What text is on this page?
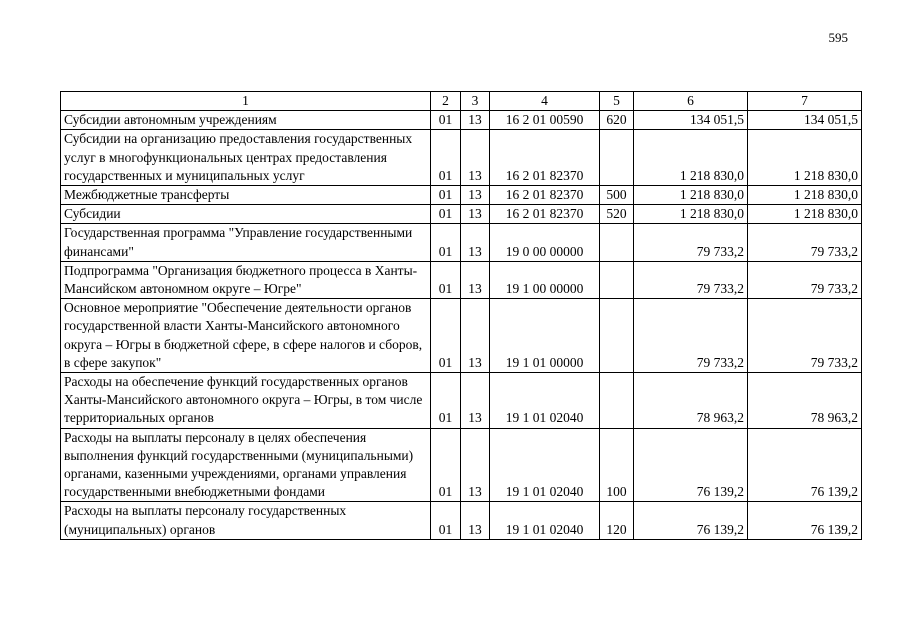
595
1	2	3	4	5	6	7
Субсидии автономным учреждениям	01	13	16 2 01 00590	620	134 051,5	134 051,5
Субсидии на организацию предоставления государственных услуг в многофункциональных центрах предоставления государственных и муниципальных услуг	01	13	16 2 01 82370		1 218 830,0	1 218 830,0
Межбюджетные трансферты	01	13	16 2 01 82370	500	1 218 830,0	1 218 830,0
Субсидии	01	13	16 2 01 82370	520	1 218 830,0	1 218 830,0
Государственная программа "Управление государственными финансами"	01	13	19 0 00 00000		79 733,2	79 733,2
Подпрограмма "Организация бюджетного процесса в Ханты-Мансийском автономном округе – Югре"	01	13	19 1 00 00000		79 733,2	79 733,2
Основное мероприятие "Обеспечение деятельности органов государственной власти Ханты-Мансийского автономного округа – Югры в бюджетной сфере, в сфере налогов и сборов, в сфере закупок"	01	13	19 1 01 00000		79 733,2	79 733,2
Расходы на обеспечение функций государственных органов Ханты-Мансийского автономного округа – Югры, в том числе территориальных органов	01	13	19 1 01 02040		78 963,2	78 963,2
Расходы на выплаты персоналу в целях обеспечения выполнения функций государственными (муниципальными) органами, казенными учреждениями, органами управления государственными внебюджетными фондами	01	13	19 1 01 02040	100	76 139,2	76 139,2
Расходы на выплаты персоналу государственных (муниципальных) органов	01	13	19 1 01 02040	120	76 139,2	76 139,2
